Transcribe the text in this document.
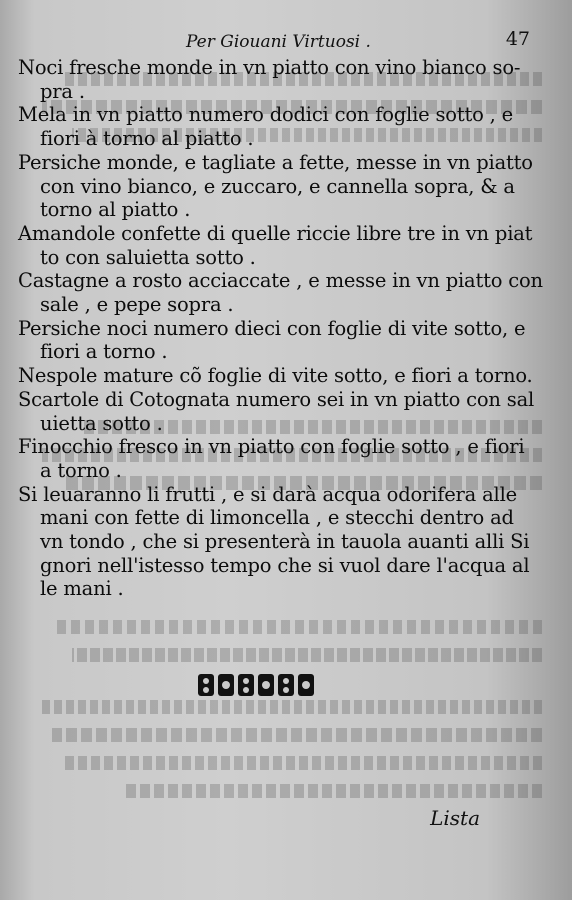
Per Giouani Virtuosi .	47
Noci fresche monde in vn piatto con vino bianco so-
pra .
Mela in vn piatto numero dodici con foglie sotto , e
fiori à torno al piatto .
Persiche monde, e tagliate a fette, messe in vn piatto
con vino bianco, e zuccaro, e cannella sopra, & a
torno al piatto .
Amandole confette di quelle riccie libre tre in vn piat
to con saluietta sotto .
Castagne a rosto acciaccate , e messe in vn piatto con
sale , e pepe sopra .
Persiche noci numero dieci con foglie di vite sotto, e
fiori a torno .
Nespole mature cõ foglie di vite sotto, e fiori a torno.
Scartole di Cotognata numero sei in vn piatto con sal
uietta sotto .
Finocchio fresco in vn piatto con foglie sotto , e fiori
a torno .
Si leuaranno li frutti , e si darà acqua odorifera alle
mani con fette di limoncella , e stecchi dentro ad
vn tondo , che si presenterà in tauola auanti alli Si
gnori nell'istesso tempo che si vuol dare l'acqua al
le mani .
Lista
